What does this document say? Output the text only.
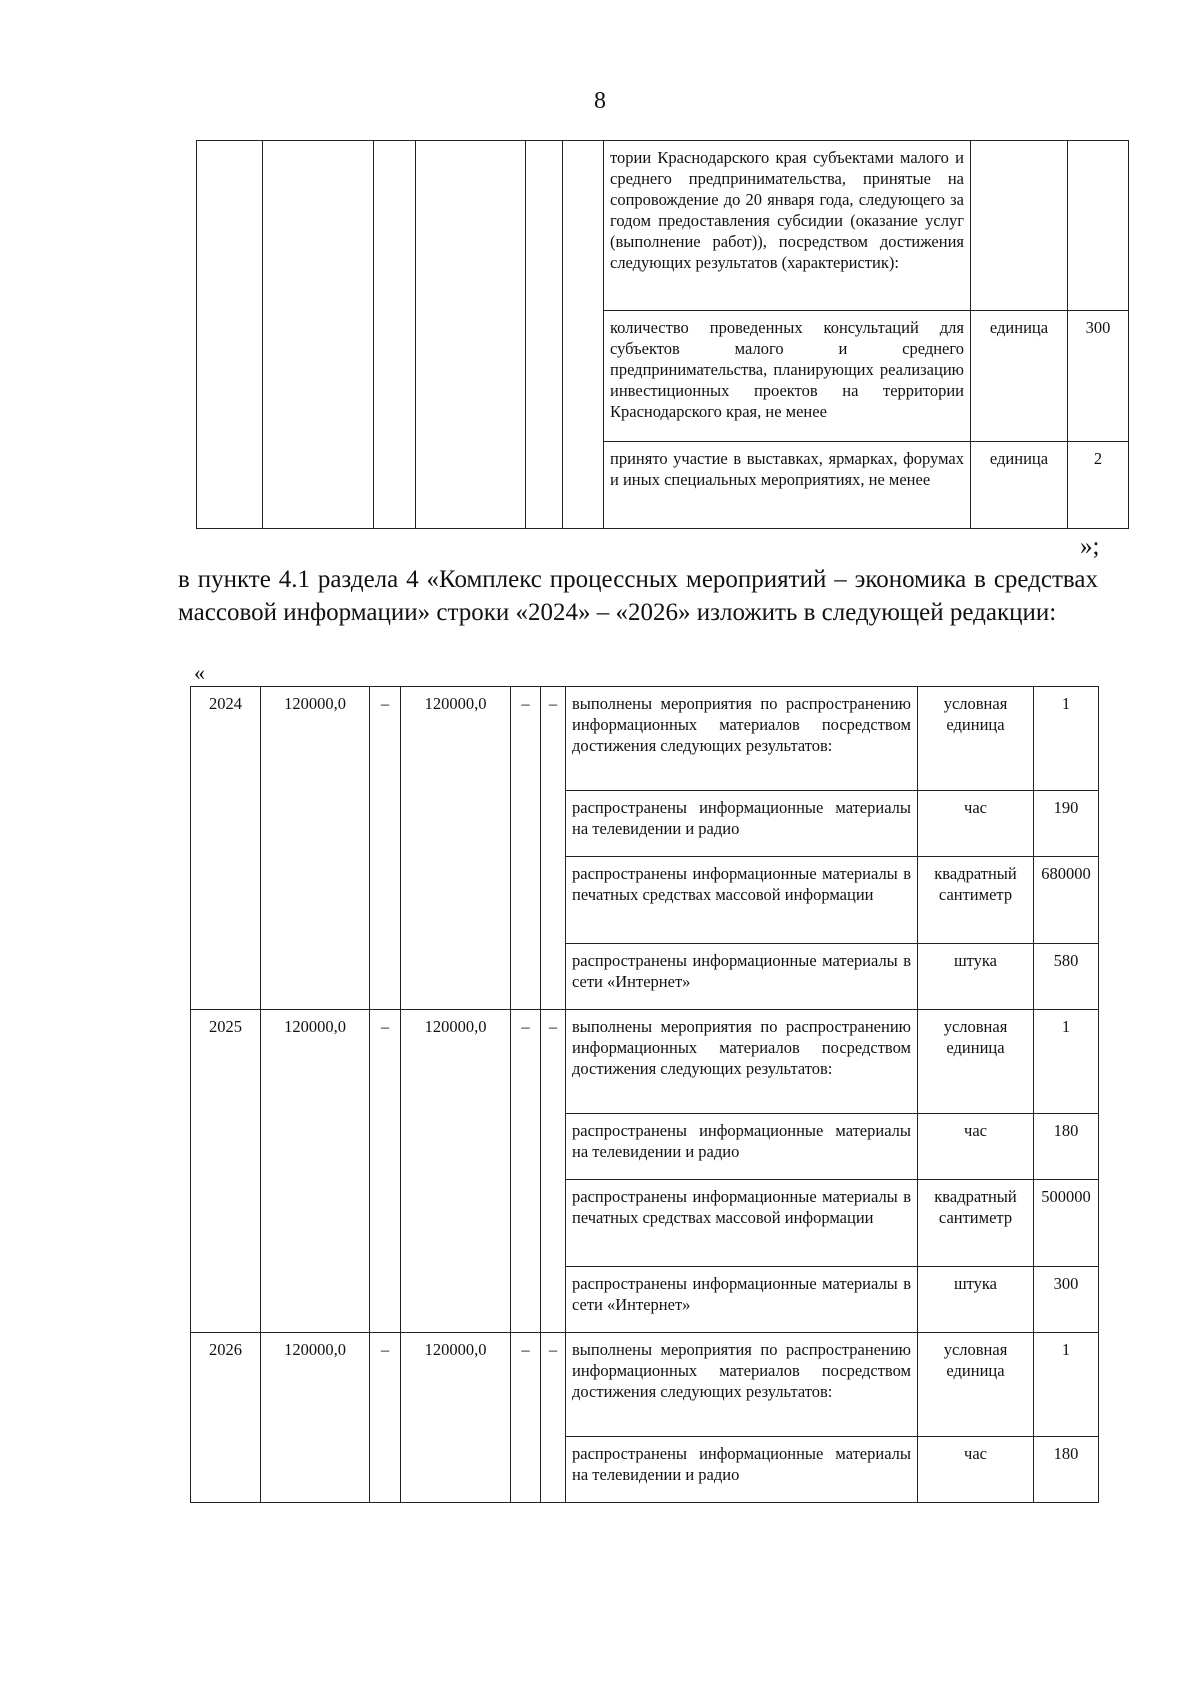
8
						тории Краснодарского края субъектами малого и среднего предпринимательства, принятые на сопровождение до 20 января года, следующего за годом предоставления субсидии (оказание услуг (выполнение работ)), посредством достижения следующих результатов (характеристик):		
						количество проведенных консультаций для субъектов малого и среднего предпринимательства, планирующих реализацию инвестиционных проектов на территории Краснодарского края, не менее	единица	300
						принято участие в выставках, ярмарках, форумах и иных специальных мероприятиях, не менее	единица	2
»;
в пункте 4.1 раздела 4 «Комплекс процессных мероприятий – экономика в средствах массовой информации» строки «2024» – «2026» изложить в следующей редакции:
«
2024	120000,0	–	120000,0	–	–	выполнены мероприятия по распространению информационных материалов посредством достижения следующих результатов:	условная единица	1
						распространены информационные материалы на телевидении и радио	час	190
						распространены информационные материалы в печатных средствах массовой информации	квадратный сантиметр	680000
						распространены информационные материалы в сети «Интернет»	штука	580
2025	120000,0	–	120000,0	–	–	выполнены мероприятия по распространению информационных материалов посредством достижения следующих результатов:	условная единица	1
						распространены информационные материалы на телевидении и радио	час	180
						распространены информационные материалы в печатных средствах массовой информации	квадратный сантиметр	500000
						распространены информационные материалы в сети «Интернет»	штука	300
2026	120000,0	–	120000,0	–	–	выполнены мероприятия по распространению информационных материалов посредством достижения следующих результатов:	условная единица	1
						распространены информационные материалы на телевидении и радио	час	180
